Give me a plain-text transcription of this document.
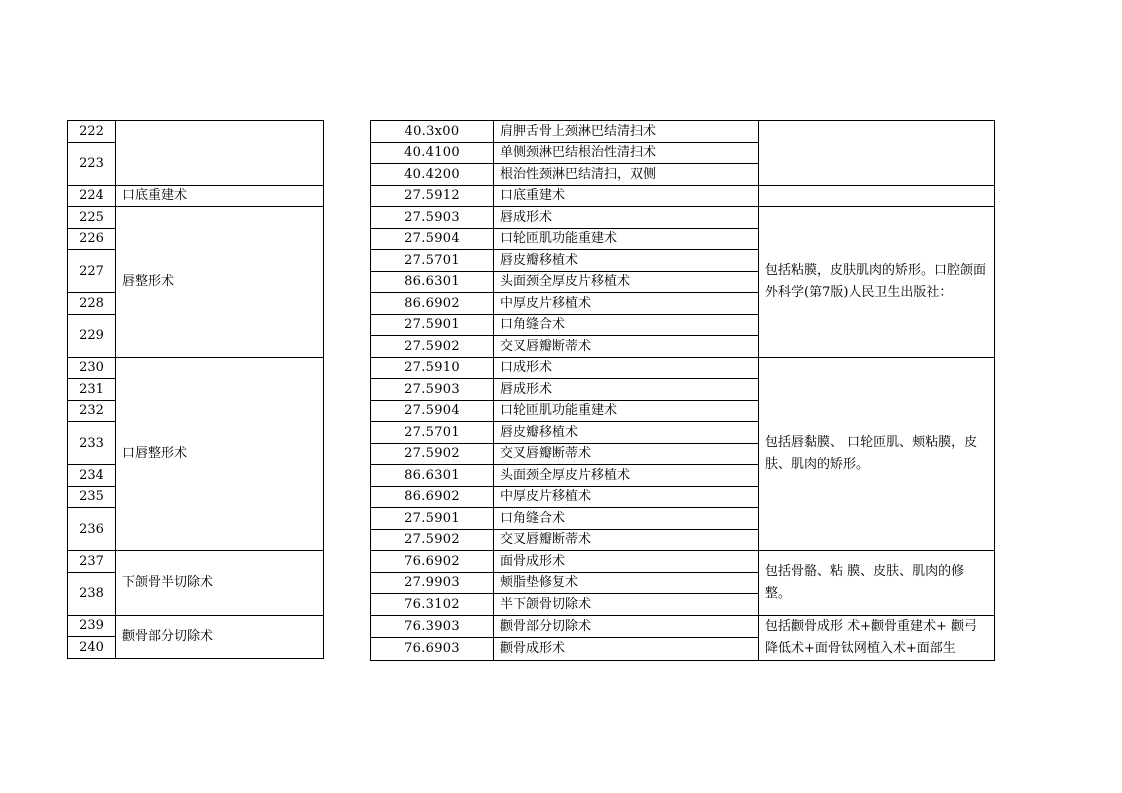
222	
223	

224	口底重建术
225	唇整形术
226	
227	

228	
229	

230	口唇整形术
231	
232	
233	

234	
235	
236	

237	下颌骨半切除术
238	

239	颧骨部分切除术
240	
40.3x00	肩胛舌骨上颈淋巴结清扫术	
40.4100	单侧颈淋巴结根治性清扫术	
40.4200	根治性颈淋巴结清扫，双侧	
27.5912	口底重建术	
27.5903	唇成形术	包括粘膜，皮肤肌肉的矫形。口腔颌面外科学(第7版)人民卫生出版社：
27.5904	口轮匝肌功能重建术	
27.5701	唇皮瓣移植术	
86.6301	头面颈全厚皮片移植术	
86.6902	中厚皮片移植术	
27.5901	口角缝合术	
27.5902	交叉唇瓣断蒂术	
27.5910	口成形术	包括唇黏膜、 口轮匝肌、颊粘膜，皮肤、肌肉的矫形。
27.5903	唇成形术	
27.5904	口轮匝肌功能重建术	
27.5701	唇皮瓣移植术	
27.5902	交叉唇瓣断蒂术	
86.6301	头面颈全厚皮片移植术	
86.6902	中厚皮片移植术	
27.5901	口角缝合术	
27.5902	交叉唇瓣断蒂术	
76.6902	面骨成形术	包括骨骼、粘 膜、皮肤、肌肉的修整。
27.9903	颊脂垫修复术	
76.3102	半下颌骨切除术	
76.3903	颧骨部分切除术	包括颧骨成形 术+颧骨重建术+ 颧弓降低术+面骨钛网植入术+面部生
76.6903	颧骨成形术	
